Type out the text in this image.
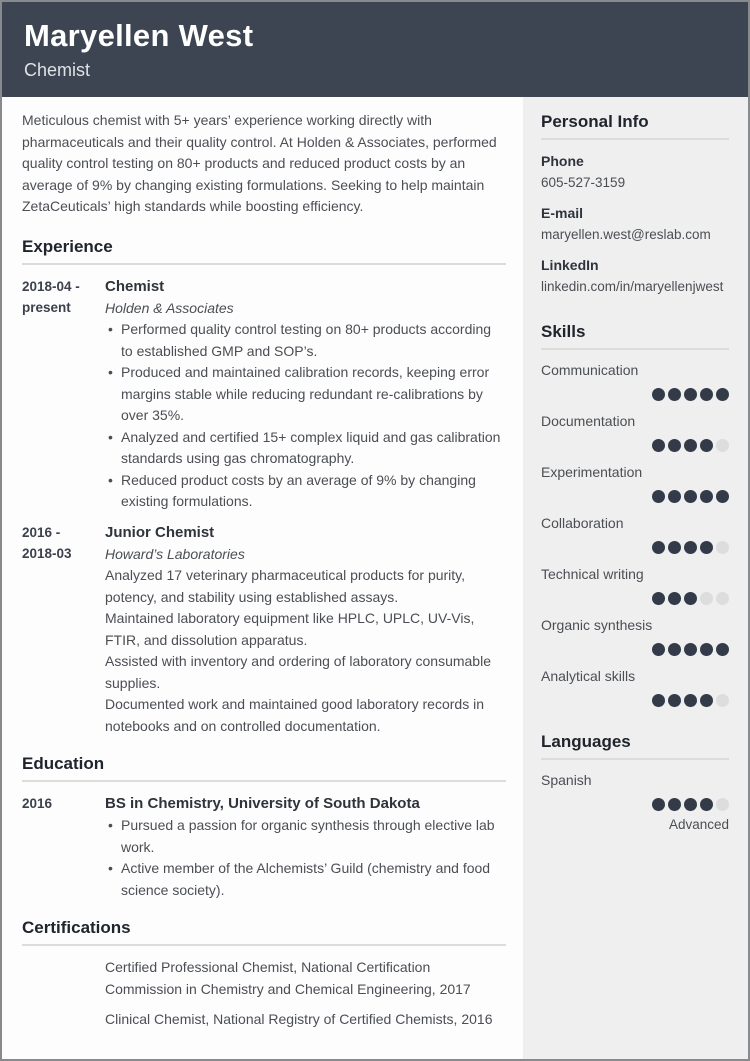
Maryellen West
Chemist

Meticulous chemist with 5+ years’ experience working directly with pharmaceuticals and their quality control. At Holden & Associates, performed quality control testing on 80+ products and reduced product costs by an average of 9% by changing existing formulations. Seeking to help maintain ZetaCeuticals’ high standards while boosting efficiency.

Experience
2018-04 -
present
Chemist
Holden & Associates
• Performed quality control testing on 80+ products according to established GMP and SOP’s.
• Produced and maintained calibration records, keeping error margins stable while reducing redundant re-calibrations by over 35%.
• Analyzed and certified 15+ complex liquid and gas calibration standards using gas chromatography.
• Reduced product costs by an average of 9% by changing existing formulations.
2016 -
2018-03
Junior Chemist
Howard’s Laboratories

Analyzed 17 veterinary pharmaceutical products for purity, potency, and stability using established assays.

Maintained laboratory equipment like HPLC, UPLC, UV-Vis, FTIR, and dissolution apparatus.

Assisted with inventory and ordering of laboratory consumable supplies.

Documented work and maintained good laboratory records in notebooks and on controlled documentation.

Education
2016	BS in Chemistry, University of South Dakota
• Pursued a passion for organic synthesis through elective lab work.
• Active member of the Alchemists’ Guild (chemistry and food science society).
Certifications

Certified Professional Chemist, National Certification Commission in Chemistry and Chemical Engineering, 2017

Clinical Chemist, National Registry of Certified Chemists, 2016

Personal Info
Phone
605-527-3159
E-mail
maryellen.west@reslab.com
LinkedIn
linkedin.com/in/maryellenjwest
Skills
Communication
Documentation
Experimentation
Collaboration
Technical writing
Organic synthesis
Analytical skills
Languages
Spanish
Advanced
